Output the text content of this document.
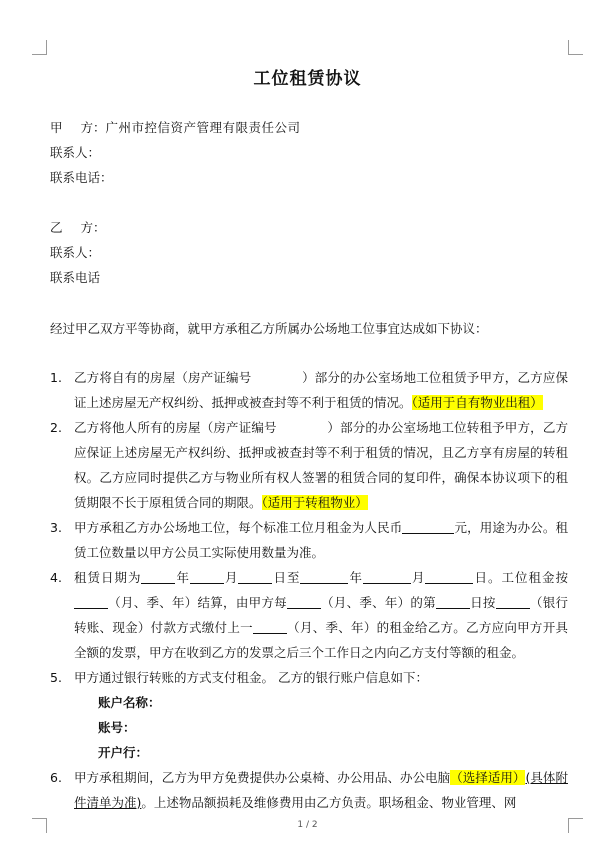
工位租赁协议
甲 方：广州市控信资产管理有限责任公司
联系人：
联系电话：
乙 方：
联系人：
联系电话
经过甲乙双方平等协商，就甲方承租乙方所属办公场地工位事宜达成如下协议：
1. 乙方将自有的房屋（房产证编号　　　　）部分的办公室场地工位租赁予甲方，乙方应保证上述房屋无产权纠纷、抵押或被查封等不利于租赁的情况。（适用于自有物业出租）
2. 乙方将他人所有的房屋（房产证编号　　　　）部分的办公室场地工位转租予甲方，乙方应保证上述房屋无产权纠纷、抵押或被查封等不利于租赁的情况，且乙方享有房屋的转租权。乙方应同时提供乙方与物业所有权人签署的租赁合同的复印件，确保本协议项下的租赁期限不长于原租赁合同的期限。（适用于转租物业）
3. 甲方承租乙方办公场地工位，每个标准工位月租金为人民币	元，用途为办公。租赁工位数量以甲方公员工实际使用数量为准。
4. 租赁日期为	年	月	日至	年	月	日。工位租金按（月、季、年）结算，由甲方每	（月、季、年）的第	日按	（银行转账、现金）付款方式缴付上一	（月、季、年）的租金给乙方。乙方应向甲方开具全额的发票，甲方在收到乙方的发票之后三个工作日之内向乙方支付等额的租金。
5. 甲方通过银行转账的方式支付租金。 乙方的银行账户信息如下：
账户名称：
账号：
开户行：
6. 甲方承租期间，乙方为甲方免费提供办公桌椅、办公用品、办公电脑（选择适用）(具体附件清单为准)。上述物品额损耗及维修费用由乙方负责。职场租金、物业管理、网
1 / 2
